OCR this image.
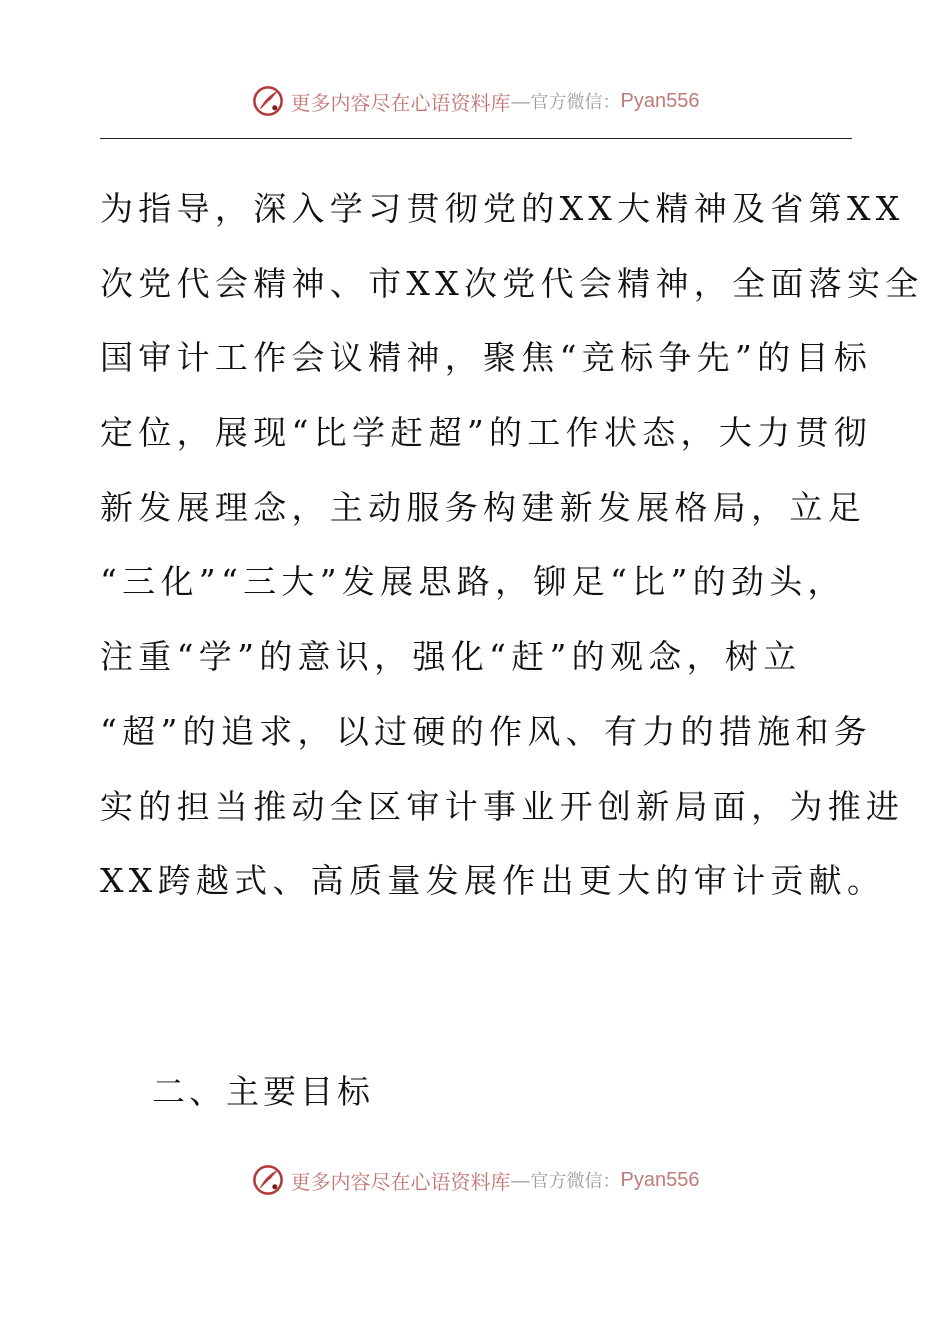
更多内容尽在心语资料库 — 官方微信： Pyan556
为指导，深入学习贯彻党的XX大精神及省第XX
次党代会精神、市XX次党代会精神，全面落实全
国审计工作会议精神，聚焦“竞标争先”的目标
定位，展现“比学赶超”的工作状态，大力贯彻
新发展理念，主动服务构建新发展格局，立足
“三化”“三大”发展思路，铆足“比”的劲头，
注重“学”的意识，强化“赶”的观念，树立
“超”的追求，以过硬的作风、有力的措施和务
实的担当推动全区审计事业开创新局面，为推进
XX跨越式、高质量发展作出更大的审计贡献。
二、主要目标
更多内容尽在心语资料库 — 官方微信： Pyan556
